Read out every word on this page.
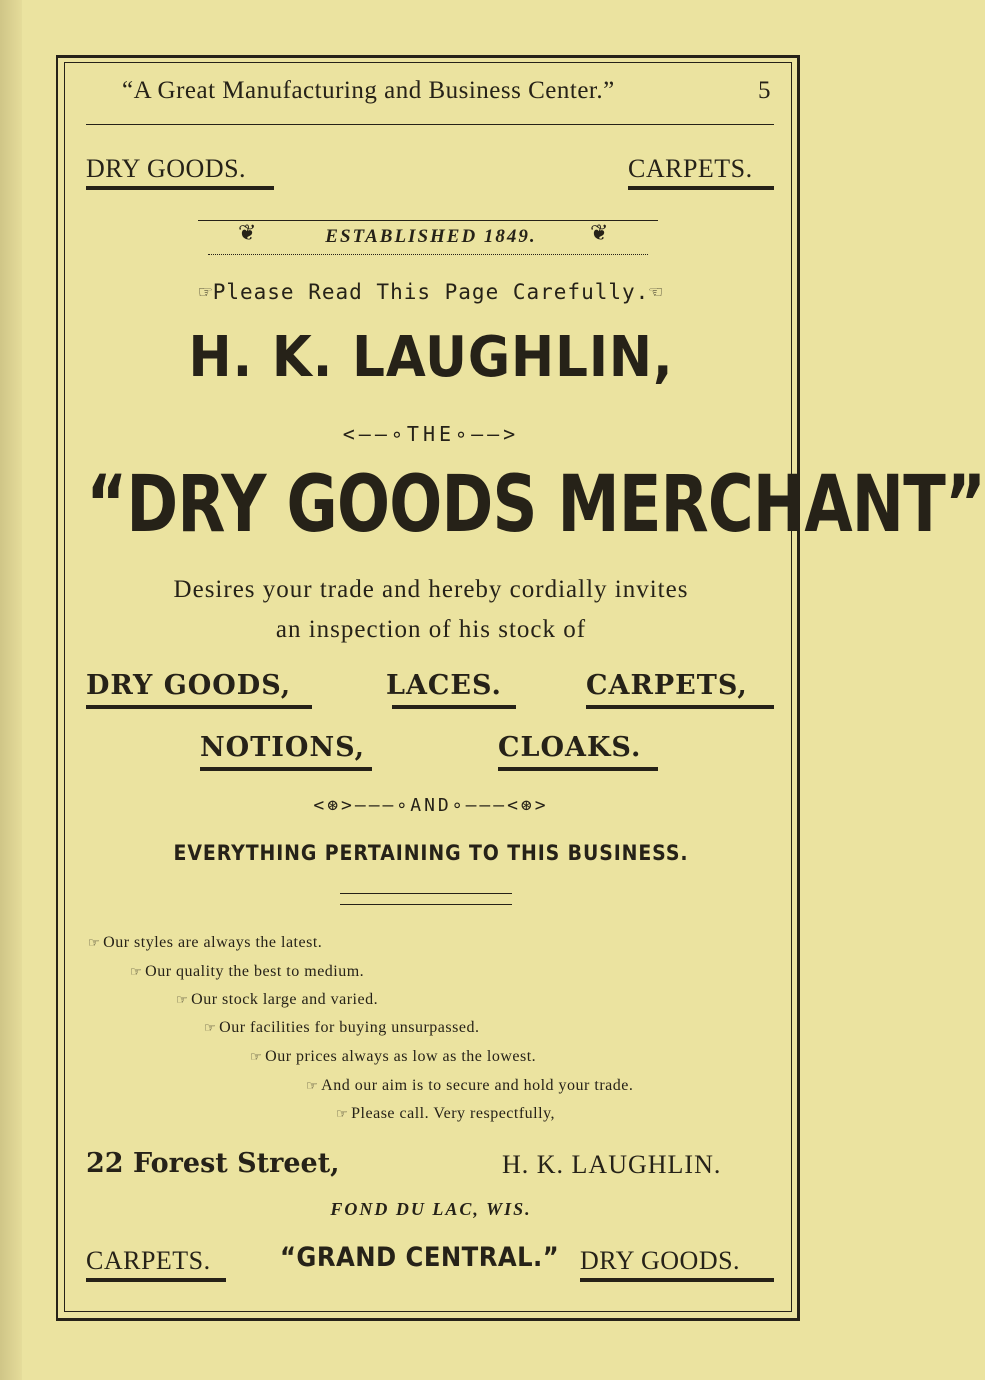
“A Great Manufacturing and Business Center.”	5
DRY GOODS.	CARPETS.
❦	❦
ESTABLISHED 1849.
☞Please Read This Page Carefully.☜
H. K. LAUGHLIN,
<——∘THE∘——>
“DRY GOODS MERCHANT”
Desires your trade and hereby cordially invites
an inspection of his stock of
DRY GOODS,	LACES.	CARPETS,
NOTIONS,	CLOAKS.
<⊛>———∘AND∘———<⊛>
EVERYTHING PERTAINING TO THIS BUSINESS.
☞ Our styles are always the latest.
☞ Our quality the best to medium.
☞ Our stock large and varied.
☞ Our facilities for buying unsurpassed.
☞ Our prices always as low as the lowest.
☞ And our aim is to secure and hold your trade.
☞ Please call. Very respectfully,
22 Forest Street,	H. K. LAUGHLIN.
FOND DU LAC, WIS.
CARPETS.	“GRAND CENTRAL.” DRY GOODS.
